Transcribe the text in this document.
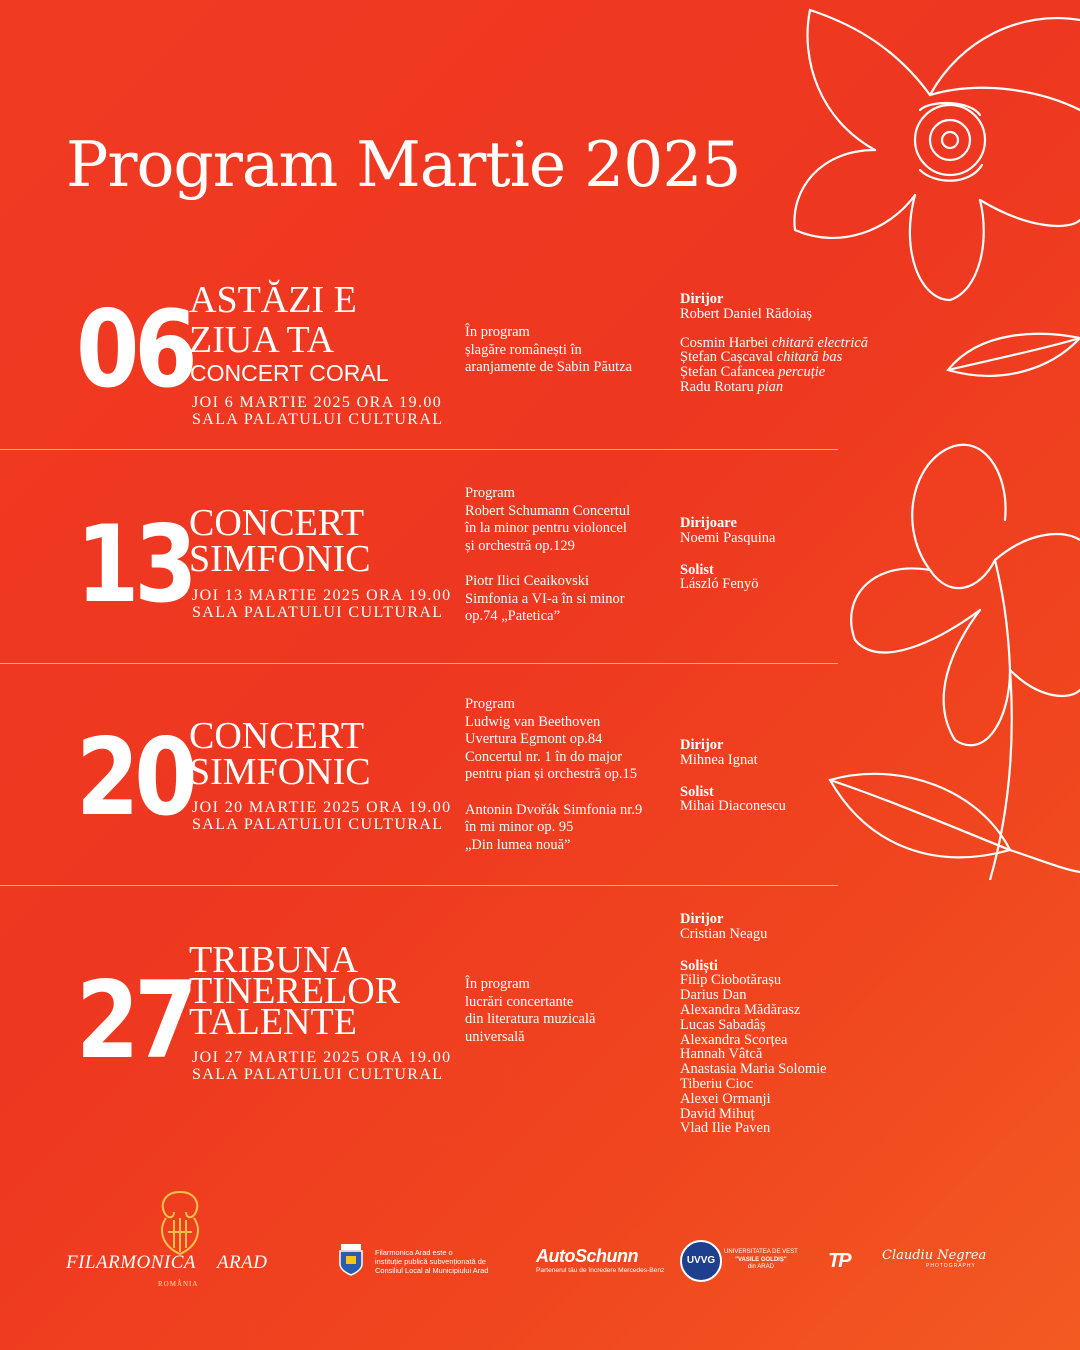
Program Martie 2025
06
ASTĂZI E
ZIUA TA
CONCERT CORAL
JOI 6 MARTIE 2025 ORA 19.00
SALA PALATULUI CULTURAL
În program
șlagăre românești în
aranjamente de Sabin Păutza
Dirijor
Robert Daniel Rădoiaș
Cosmin Harbei chitară electrică
Ștefan Cașcaval chitară bas
Ștefan Cafancea percuție
Radu Rotaru pian
13
CONCERT
SIMFONIC
JOI 13 MARTIE 2025 ORA 19.00
SALA PALATULUI CULTURAL
Program
Robert Schumann Concertul
în la minor pentru violoncel
și orchestră op.129
Piotr Ilici Ceaikovski
Simfonia a VI-a în si minor
op.74 „Patetica”
Dirijoare
Noemi Pasquina
Solist
László Fenyö
20
CONCERT
SIMFONIC
JOI 20 MARTIE 2025 ORA 19.00
SALA PALATULUI CULTURAL
Program
Ludwig van Beethoven
Uvertura Egmont op.84
Concertul nr. 1 în do major
pentru pian și orchestră op.15
Antonin Dvořák Simfonia nr.9
în mi minor op. 95
„Din lumea nouă”
Dirijor
Mihnea Ignat
Solist
Mihai Diaconescu
27
TRIBUNA
TINERELOR
TALENTE
JOI 27 MARTIE 2025 ORA 19.00
SALA PALATULUI CULTURAL
În program
lucrări concertante
din literatura muzicală
universală
Dirijor
Cristian Neagu
Soliști
Filip Ciobotărașu
Darius Dan
Alexandra Mădărasz
Lucas Sabadâș
Alexandra Scorțea
Hannah Vâtcă
Anastasia Maria Solomie
Tiberiu Cioc
Alexei Ormanji
David Mihuț
Vlad Ilie Paven
FILARMONICA ARAD
ROMÂNIA
Filarmonica Arad este o
instituție publică subvenționată de
Consiliul Local al Municipiului Arad
AutoSchunn
Partenerul tău de încredere Mercedes-Benz
UVVG
UNIVERSITATEA DE VEST
"VASILE GOLDIȘ"
din ARAD	TP Claudiu Negrea
PHOTOGRAPHY
